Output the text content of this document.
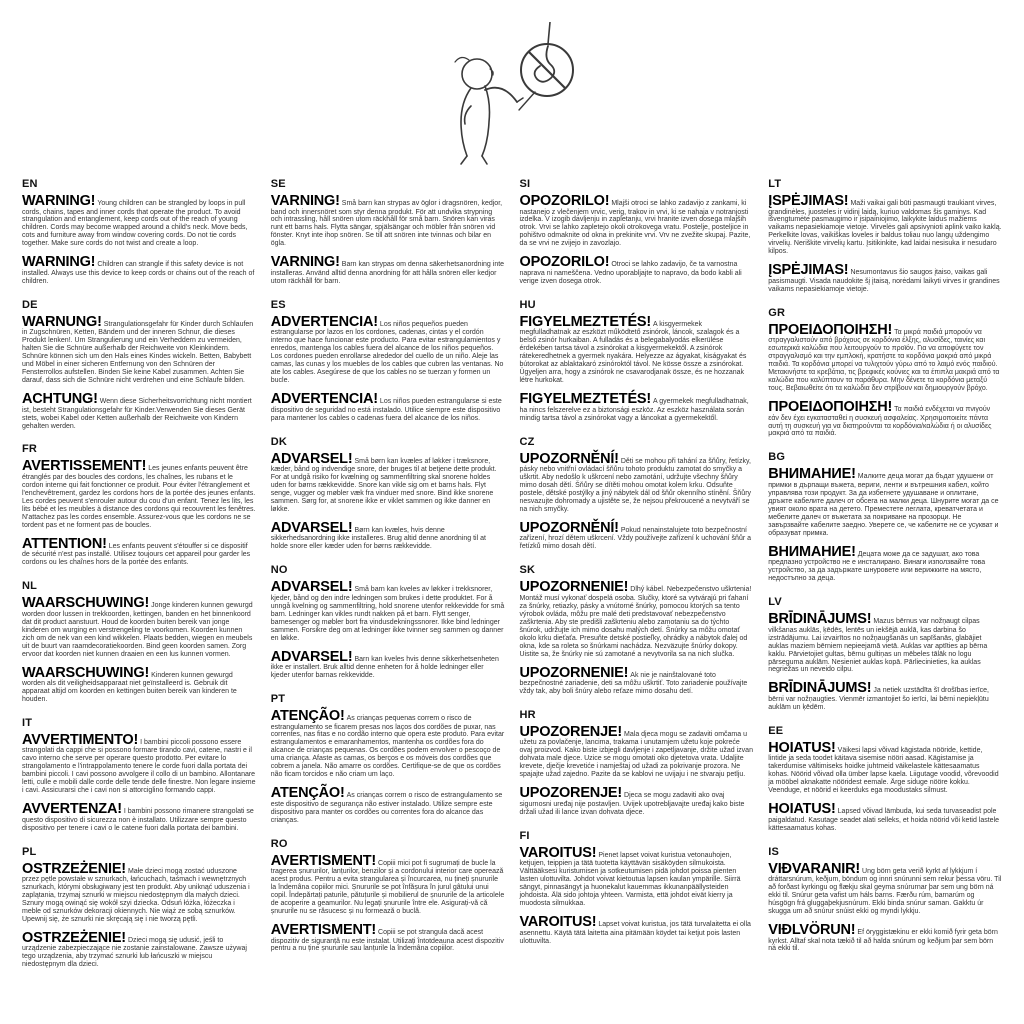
EN

WARNING! Young children can be strangled by loops in pull cords, chains, tapes and inner cords that operate the product. To avoid strangulation and entanglement, keep cords out of the reach of young children. Cords may become wrapped around a child's neck. Move beds, cots and furniture away from window covering cords. Do not tie cords together. Make sure cords do not twist and create a loop.

WARNING! Children can strangle if this safety device is not installed. Always use this device to keep cords or chains out of the reach of children.

DE

WARNUNG! Strangulationsgefahr für Kinder durch Schlaufen in Zugschnüren, Ketten, Bändern und der inneren Schnur, die dieses Produkt lenken!. Um Strangulierung und ein Verheddern zu vermeiden, halten Sie die Schnüre außerhalb der Reichweite von Kleinkindern. Schnüre können sich um den Hals eines Kindes wickeln. Betten, Babybett und Möbel in einer sicheren Entfernung von den Schnüren der Fensterrollos aufstellen. Binden Sie keine Kabel zusammen. Achten Sie darauf, dass sich die Schnüre nicht verdrehen und eine Schlaufe bilden.

ACHTUNG! Wenn diese Sicherheitsvorrichtung nicht montiert ist, besteht Strangulationsgefahr für Kinder.Verwenden Sie dieses Gerät stets, wobei Kabel oder Ketten außerhalb der Reichweite von Kindern gehalten werden.

FR

AVERTISSEMENT! Les jeunes enfants peuvent être étranglés par des boucles des cordons, les chaînes, les rubans et le cordon interne qui fait fonctionner ce produit. Pour éviter l'étranglement et l'enchevêtrement, gardez les cordons hors de la portée des jeunes enfants. Les cordes peuvent s'enrouler autour du cou d'un enfant. Tenez les lits, les lits bébé et les meubles à distance des cordons qui recouvrent les fenêtres. N'attachez pas les cordes ensemble. Assurez-vous que les cordons ne se tordent pas et ne forment pas de boucles.

ATTENTION! Les enfants peuvent s'étouffer si ce dispositif de sécurité n'est pas installé. Utilisez toujours cet appareil pour garder les cordons ou les chaînes hors de la portée des enfants.

NL

WAARSCHUWING! Jonge kinderen kunnen gewurgd worden door lussen in trekkoorden, kettingen, banden en het binnenkoord dat dit product aanstuurt. Houd de koorden buiten bereik van jonge kinderen om wurging en verstrengeling te voorkomen. Koorden kunnen zich om de nek van een kind wikkelen. Plaats bedden, wiegen en meubels uit de buurt van raamdecoratiekoorden. Bind geen koorden samen. Zorg ervoor dat koorden niet kunnen draaien en een lus kunnen vormen.

WAARSCHUWING! Kinderen kunnen gewurgd worden als dit veiligheidsapparaat niet geïnstalleerd is. Gebruik dit apparaat altijd om koorden en kettingen buiten bereik van kinderen te houden.

IT

AVVERTIMENTO! I bambini piccoli possono essere strangolati da cappi che si possono formare tirando cavi, catene, nastri e il cavo interno che serve per operare questo prodotto. Per evitare lo strangolamento e l'intrappolamento tenere le corde fuori dalla portata dei bambini piccoli. I cavi possono avvolgere il collo di un bambino. Allontanare letti, culle e mobili dalle corde delle tende delle finestre. Non legare insieme i cavi. Assicurarsi che i cavi non si attorciglino formando cappi.

AVVERTENZA! I bambini possono rimanere strangolati se questo dispositivo di sicurezza non è installato. Utilizzare sempre questo dispositivo per tenere i cavi o le catene fuori dalla portata dei bambini.

PL

OSTRZEŻENIE! Małe dzieci mogą zostać uduszone przez pętle powstałe w sznurkach, łańcuchach, taśmach i wewnętrznych sznurkach, którymi obsługiwany jest ten produkt. Aby uniknąć uduszenia i zaplątania, trzymaj sznurki w miejscu niedostępnym dla małych dzieci. Sznury mogą owinąć się wokół szyi dziecka. Odsuń łóżka, łóżeczka i meble od sznurków dekoracji okiennych. Nie wiąż ze sobą sznurków. Upewnij się, że sznurki nie skręcają się i nie tworzą pętli.

OSTRZEŻENIE! Dzieci mogą się udusić, jeśli to urządzenie zabezpieczające nie zostanie zainstalowane. Zawsze używaj tego urządzenia, aby trzymać sznurki lub łańcuszki w miejscu niedostępnym dla dzieci.

SE

VARNING! Små barn kan strypas av öglor i dragsnören, kedjor, band och innersnöret som styr denna produkt. För att undvika strypning och intrassling, håll snören utom räckhåll för små barn. Snören kan viras runt ett barns hals. Flytta sängar, spjälsängar och möbler från snören vid fönster. Knyt inte ihop snören. Se till att snören inte tvinnas och bilar en ögla.

VARNING! Barn kan strypas om denna säkerhetsanordning inte installeras. Använd alltid denna anordning för att hålla snören eller kedjor utom räckhåll för barn.

ES

ADVERTENCIA! Los niños pequeños pueden estrangularse por lazos en los cordones, cadenas, cintas y el cordón interno que hace funcionar este producto. Para evitar estrangulamientos y enredos, mantenga los cables fuera del alcance de los niños pequeños. Los cordones pueden enrollarse alrededor del cuello de un niño. Aleje las camas, las cunas y los muebles de los cables que cubren las ventanas. No ate los cables. Asegúrese de que los cables no se tuerzan y formen un bucle.

ADVERTENCIA! Los niños pueden estrangularse si este dispositivo de seguridad no está instalado. Utilice siempre este dispositivo para mantener los cables o cadenas fuera del alcance de los niños.

DK

ADVARSEL! Små børn kan kvæles af løkker i træksnore, kæder, bånd og indvendige snore, der bruges til at betjene dette produkt. For at undgå risiko for kvælning og sammenfiltring skal snorene holdes uden for børns rækkevidde. Snore kan vikle sig om et barns hals. Flyt senge, vugger og møbler væk fra vinduer med snore. Bind ikke snorene sammen. Sørg for, at snorene ikke er viklet sammen og ikke danner en løkke.

ADVARSEL! Børn kan kvæles, hvis denne sikkerhedsanordning ikke installeres. Brug altid denne anordning til at holde snore eller kæder uden for børns rækkevidde.

NO

ADVARSEL! Små barn kan kveles av løkker i trekksnorer, kjeder, bånd og den indre ledningen som brukes i dette produktet. For å unngå kvelning og sammenfiltring, hold snorene utenfor rekkevidde for små barn. Ledninger kan vikles rundt nakken på et barn. Flytt senger, barnesenger og møbler bort fra vindusdekningssnorer. Ikke bind ledninger sammen. Forsikre deg om at ledninger ikke tvinner seg sammen og danner en løkke.

ADVARSEL! Barn kan kveles hvis denne sikkerhetsenheten ikke er installert. Bruk alltid denne enheten for å holde ledninger eller kjeder utenfor barnas rekkevidde.

PT

ATENÇÃO! As crianças pequenas correm o risco de estrangulamento se ficarem presas nos laços dos cordões de puxar, nas correntes, nas fitas e no cordão interno que opera este produto. Para evitar estrangulamentos e emaranhamentos, mantenha os cordões fora do alcance de crianças pequenas. Os cordões podem envolver o pescoço de uma criança. Afaste as camas, os berços e os móveis dos cordões que cobrem a janela. Não amarre os cordões. Certifique-se de que os cordões não ficam torcidos e não criam um laço.

ATENÇÃO! As crianças correm o risco de estrangulamento se este dispositivo de segurança não estiver instalado. Utilize sempre este dispositivo para manter os cordões ou correntes fora do alcance das crianças.

RO

AVERTISMENT! Copiii mici pot fi sugrumați de bucle la tragerea șnururilor, lanțurilor, benzilor și a cordonului interior care operează acest produs. Pentru a evita strangularea și încurcarea, nu țineți șnururile la îndemâna copiilor mici. Șnururile se pot înfășura în jurul gâtului unui copil. Îndepărtați paturile, pătuțurile și mobilierul de șnururile de la articolele de acoperire a geamurilor. Nu legați șnururile între ele. Asigurați-vă că șnururile nu se răsucesc și nu formează o buclă.

AVERTISMENT! Copiii se pot strangula dacă acest dispozitiv de siguranță nu este instalat. Utilizați întotdeauna acest dispozitiv pentru a nu ține șnururile sau lanțurile la îndemâna copiilor.

SI

OPOZORILO! Mlajši otroci se lahko zadavijo z zankami, ki nastanejo z vlečenjem vrvic, verig, trakov in vrvi, ki se nahaja v notranjosti izdelka. V izogib davljenju in zapletanju, vrvi hranite izven dosega mlajših otrok. Vrvi se lahko zapletejo okoli otrokovega vratu. Postelje, posteljice in pohištvo odmaknite od okna in prekinite vrvi. Vrv ne zvežite skupaj. Pazite, da se vrvi ne zvijejo in zavozlajo.

OPOZORILO! Otroci se lahko zadavijo, če ta varnostna naprava ni nameščena. Vedno uporabljajte to napravo, da bodo kabli ali verige izven dosega otrok.

HU

FIGYELMEZTETÉS! A kisgyermekek megfulladhatnak az eszközt működtető zsinórok, láncok, szalagok és a belső zsinór hurkaiban. A fulladás és a belegabalyodás elkerülése érdekében tartsa távol a zsinórokat a kisgyermekektől. A zsinórok rátekeredhetnek a gyermek nyakára. Helyezze az ágyakat, kiságyakat és bútorokat az ablaktakaró zsinóroktól távol. Ne kösse össze a zsinórokat. Ügyeljen arra, hogy a zsinórok ne csavarodjanak össze, és ne hozzanak létre hurkokat.

FIGYELMEZTETÉS! A gyermekek megfulladhatnak, ha nincs felszerelve ez a biztonsági eszköz. Az eszköz használata során mindig tartsa távol a zsinórokat vagy a láncokat a gyermekektől.

CZ

UPOZORNĚNÍ! Děti se mohou při tahání za šňůry, řetízky, pásky nebo vnitřní ovládací šňůru tohoto produktu zamotat do smyčky a uškrtit. Aby nedošlo k uškrcení nebo zamotání, udržujte všechny šňůry mimo dosah dětí. Šňůry se dítěti mohou omotat kolem krku. Odsuňte postele, dětské postýlky a jiný nábytek dál od šňůr okenního stínění. Šňůry nesvazujte dohromady a ujistěte se, že nejsou překroucené a nevytváří se na nich smyčky.

UPOZORNĚNÍ! Pokud nenainstalujete toto bezpečnostní zařízení, hrozí dětem uškrcení. Vždy používejte zařízení k uchování šňůr a řetízků mimo dosah dětí.

SK

UPOZORNENIE! Dlhý kábel. Nebezpečenstvo uškrtenia! Montáž musí vykonať dospelá osoba. Slučky, ktoré sa vytvárajú pri ťahaní za šnúrky, retiazky, pásky a vnútorné šnúrky, pomocou ktorých sa tento výrobok ovláda, môžu pre malé deti predstavovať nebezpečenstvo zaškrtenia. Aby ste predišli zaškrteniu alebo zamotaniu sa do týchto šnúrok, udržujte ich mimo dosahu malých detí. Šnúrky sa môžu omotať okolo krku dieťaťa. Presuňte detské postieľky, ohrádky a nábytok ďalej od okna, kde sa roleta so šnúrkami nachádza. Nezväzujte šnúrky dokopy. Uistite sa, že šnúrky nie sú zamotané a nevytvorila sa na nich slučka.

UPOZORNENIE! Ak nie je nainštalované toto bezpečnostné zariadenie, deti sa môžu uškrtiť. Toto zariadenie používajte vždy tak, aby boli šnúry alebo reťaze mimo dosahu detí.

HR

UPOZORENJE! Mala djeca mogu se zadaviti omčama u užetu za povlačenje, lancima, trakama i unutarnjem užetu koje pokreće ovaj proizvod. Kako biste izbjegli davljenje i zapetljavanje, držite užad izvan dohvata male djece. Uzice se mogu omotati oko djetetova vrata. Udaljite krevete, dječje krevetiće i namještaj od užadi za pokrivanje prozora. Ne spajajte užad zajedno. Pazite da se kablovi ne uvijaju i ne stvaraju petlju.

UPOZORENJE! Djeca se mogu zadaviti ako ovaj sigurnosni uređaj nije postavljen. Uvijek upotrebljavajte uređaj kako biste držali užad ili lance izvan dohvata djece.

FI

VAROITUS! Pienet lapset voivat kuristua vetonauhojen, ketjujen, teippien ja tätä tuotetta käyttävän sisäköyden silmukoista. Välttääksesi kuristumisen ja sotkeutumisen pidä johdot poissa pienten lasten ulottuvilta. Johdot voivat kietoutua lapsen kaulan ympärille. Siirrä sängyt, pinnasängyt ja huonekalut kauemmas ikkunanpäällysteiden johdoista. Älä sido johtoja yhteen. Varmista, että johdot eivät kierry ja muodosta silmukkaa.

VAROITUS! Lapset voivat kuristua, jos tätä turvalaitetta ei olla asennettu. Käytä tätä laitetta aina pitämään köydet tai ketjut pois lasten ulottuvilta.

LT

ĮSPĖJIMAS! Maži vaikai gali būti pasmaugti traukiant virves, grandinėles, juosteles ir vidinį laidą, kuriuo valdomas šis gaminys. Kad išvengtumėte pasmaugimo ir įsipainiojimo, laikykite laidus mažiems vaikams nepasiekiamoje vietoje. Virvelės gali apsivynioti aplink vaiko kaklą. Perkelkite lovas, vaikiškas loveles ir baldus toliau nuo langų uždengimo virvelių. Neriškite virvelių kartu. Įsitikinkite, kad laidai nesisuka ir nesudaro kilpos.

ĮSPĖJIMAS! Nesumontavus šio saugos įtaiso, vaikas gali pasismaugti. Visada naudokite šį įtaisą, norėdami laikyti virves ir grandines vaikams nepasiekiamoje vietoje.

GR

ΠΡΟΕΙΔΟΠΟΙΗΣΗ! Τα μικρά παιδιά μπορούν να στραγγαλιστούν από βρόχους σε κορδόνια έλξης, αλυσίδες, ταινίες και εσωτερικά καλώδια που λειτουργούν το προϊόν. Για να αποφύγετε τον στραγγαλισμό και την εμπλοκή, κρατήστε τα κορδόνια μακριά από μικρά παιδιά. Τα κορδόνια μπορεί να τυλιχτούν γύρω από το λαιμό ενός παιδιού. Μετακινήστε τα κρεβάτια, τις βρεφικές κούνιες και τα έπιπλα μακριά από τα καλώδια που καλύπτουν τα παράθυρα. Μην δένετε τα κορδόνια μεταξύ τους. Βεβαιωθείτε ότι τα καλώδια δεν στρίβουν και δημιουργούν βρόχο.

ΠΡΟΕΙΔΟΠΟΙΗΣΗ! Τα παιδιά ενδέχεται να πνιγούν εάν δεν έχει εγκατασταθεί η συσκευή ασφαλείας. Χρησιμοποιείτε πάντα αυτή τη συσκευή για να διατηρούνται τα κορδόνια/καλώδια ή οι αλυσίδες μακριά από τα παιδιά.

BG

ВНИМАНИЕ! Малките деца могат да бъдат удушени от примки в дърпащи въжета, вериги, ленти и вътрешния кабел, който управлява този продукт. За да избегнете удушаване и оплитане, дръжте кабелите далеч от обсега на малки деца. Шнурите могат да се увият около врата на детето. Преместете леглата, креватчетата и мебелите далеч от въжетата за покриване на прозорци. Не завързвайте кабелите заедно. Уверете се, че кабелите не се усукват и образуват примка.

ВНИМАНИЕ! Децата може да се задушат, ако това предпазно устройство не е инсталирано. Винаги използвайте това устройство, за да задържате шнуровете или верижките на място, недостъпно за деца.

LV

BRĪDINĀJUMS! Mazus bērnus var nožņaugt cilpas vilkšanas auklās, ķēdēs, lentēs un iekšējā auklā, kas darbina šo izstrādājumu. Lai izvairītos no nožņaugšanās un sapīšanās, glabājiet auklas maziem bērniem nepieejamā vietā. Auklas var aptīties ap bērna kaklu. Pārvietojiet gultas, bērnu gultiņas un mēbeles tālāk no logu pārseguma auklām. Nesieniet auklas kopā. Pārliecinieties, ka auklas negriežas un neveido cilpu.

BRĪDINĀJUMS! Ja netiek uzstādīta šī drošības ierīce, bērni var nožņaugties. Vienmēr izmantojiet šo ierīci, lai bērni nepiekļūtu auklām un ķēdēm.

EE

HOIATUS! Väikesi lapsi võivad kägistada nööride, kettide, lintide ja seda toodet käitava sisemise nööri aasad. Kägistamise ja takerdumise vältimiseks hoidke juhtmeid väikelastele kättesaamatus kohas. Nöörid võivad olla ümber lapse kaela. Liigutage voodid, võrevoodid ja mööbel aknakatte nööridest eemale. Ärge siduge nööre kokku. Veenduge, et nöörid ei keerduks ega moodustaks silmust.

HOIATUS! Lapsed võivad lämbuda, kui seda turvaseadist pole paigaldatud. Kasutage seadet alati selleks, et hoida nöörid või ketid lastele kättesaamatus kohas.

IS

VIÐVARANIR! Ung börn geta verið kyrkt af lykkjum í dráttarsnúrum, keðjum, böndum og innri snúrunni sem rekur þessa vöru. Til að forðast kyrkingu og flækju skal geyma snúrurnar þar sem ung börn ná ekki til. Snúrur geta vafist um háls barns. Færðu rúm, barnarúm og húsgögn frá gluggaþekjusnúrum. Ekki binda snúrur saman. Gakktu úr skugga um að snúrur snúist ekki og myndi lykkju.

VIÐLVÖRUN! Ef öryggistækinu er ekki komið fyrir geta börn kyrkst. Alltaf skal nota tækið til að halda snúrum og keðjum þar sem börn ná ekki til.
